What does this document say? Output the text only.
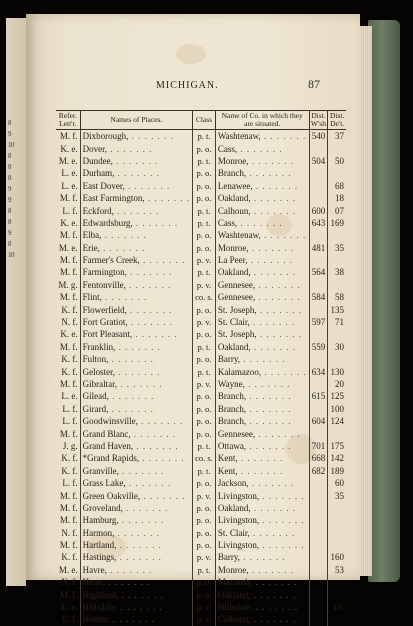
8
9
10
8
8
8
9
9
8
8
9
8
10
MICHIGAN.	87
Refer. Lett'r.	Names of Places.	Class	Name of Co. in which they are situated.	Dist. W'sh	Dist. De't.
M. f.	Dixborough, . . .	p. t.	Washtenaw, . . .	540	37
K. e.	Dover, . . .	p. o.	Cass, . . .		
M. e.	Dundee, . . .	p. t.	Monroe, . . .	504	50
L. e.	Durham, . . .	p. o.	Branch, . . .		
L. e.	East Dover, . . .	p. o.	Lenawee, . . .		68
M. f.	East Farmington, . . .	p. o.	Oakland, . . .		18
L. f.	Eckford, . . .	p. t.	Calhoun, . . .	600	07
K. e.	Edwardsburg, . . .	p. t.	Cass, . . .	643	169
M. f.	Elba, . . .	p. o.	Washtenaw, . . .		
M. e.	Erie, . . .	p. o.	Monroe, . . .	481	35
M. f.	Farmer's Creek, . . .	p. v.	La Peer, . . .		
M. f.	Farmington, . . .	p. t.	Oakland, . . .	564	38
M. g.	Fentonville, . . .	p. v.	Gennesee, . . .		
M. f.	Flint, . . .	co. s.	Gennesee, . . .	584	58
K. f.	Flowerfield, . . .	p. o.	St. Joseph, . . .		135
N. f.	Fort Gratiot, . . .	p. v.	St. Clair, . . .	597	71
K. e.	Fort Pleasant, . . .	p. o.	St. Joseph, . . .		
M. f.	Franklin, . . .	p. t.	Oakland, . . .	559	30
K. f.	Fulton, . . .	p. o.	Barry, . . .		
K. f.	Geloster, . . .	p. t.	Kalamazoo, . . .	634	130
M. f.	Gibraltar, . . .	p. v.	Wayne, . . .		20
L. e.	Gilead, . . .	p. o.	Branch, . . .	615	125
L. f.	Girard, . . .	p. o.	Branch, . . .		100
L. f.	Goodwinsville, . . .	p. o.	Branch, . . .	604	124
M. f.	Grand Blanc, . . .	p. o.	Gennesee, . . .		
J. g.	Grand Haven, . . .	p. t.	Ottawa, . . .	701	175
K. f.	*Grand Rapids, . . .	co. s.	Kent, . . .	668	142
K. f.	Granville, . . .	p. t.	Kent, . . .	682	189
L. f.	Grass Lake, . . .	p. o.	Jackson, . . .		60
M. f.	Green Oakville, . . .	p. v.	Livingston, . . .		35
M. f.	Groveland, . . .	p. o.	Oakland, . . .		
M. f.	Hamburg, . . .	p. o.	Livingston, . . .		
N. f.	Harmon, . . .	p. o.	St. Clair, . . .		
M. f.	Hartland, . . .	p. o.	Livingston, . . .		
K. f.	Hastings, . . .	p. v.	Barry, . . .		160
M. e.	Havre, . . .	p. t.	Monroe, . . .		53
N. f.	Heart, . . .	p. o.	Macomb, . . .		
M. f.	Highland, . . .	p. o.	Oakland, . . .		
L. e.	Hillsdale, . . .	p. v.	Hillsdale, . . .		10.
L. f.	Homer, . . .	p. v.	Calhoun, . . .		
